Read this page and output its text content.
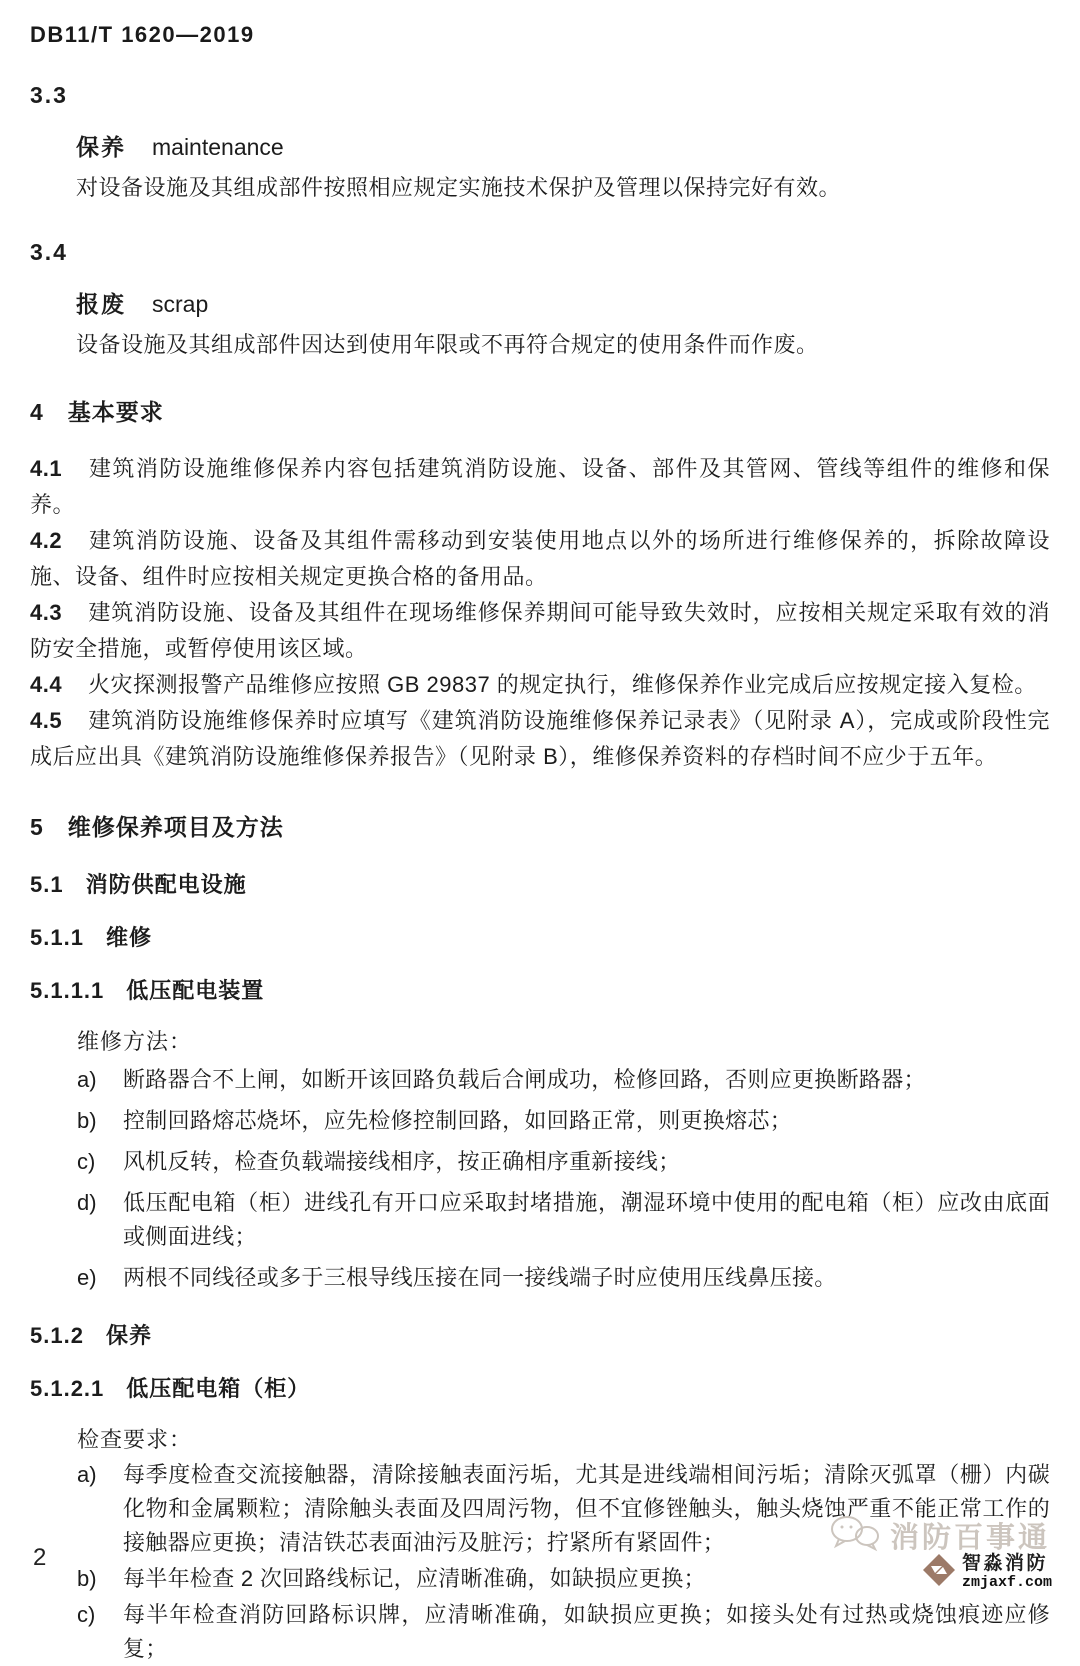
DB11/T 1620—2019
3.3
保养 maintenance

对设备设施及其组成部件按照相应规定实施技术保护及管理以保持完好有效。

3.4
报废 scrap

设备设施及其组成部件因达到使用年限或不再符合规定的使用条件而作废。

4 基本要求

4.1 建筑消防设施维修保养内容包括建筑消防设施、设备、部件及其管网、管线等组件的维修和保养。

4.2 建筑消防设施、设备及其组件需移动到安装使用地点以外的场所进行维修保养的，拆除故障设施、设备、组件时应按相关规定更换合格的备用品。

4.3 建筑消防设施、设备及其组件在现场维修保养期间可能导致失效时，应按相关规定采取有效的消防安全措施，或暂停使用该区域。

4.4 火灾探测报警产品维修应按照 GB 29837 的规定执行，维修保养作业完成后应按规定接入复检。

4.5 建筑消防设施维修保养时应填写《建筑消防设施维修保养记录表》（见附录 A），完成或阶段性完成后应出具《建筑消防设施维修保养报告》（见附录 B），维修保养资料的存档时间不应少于五年。

5 维修保养项目及方法
5.1 消防供配电设施
5.1.1 维修
5.1.1.1 低压配电装置

维修方法：

a)	断路器合不上闸，如断开该回路负载后合闸成功，检修回路，否则应更换断路器；
b)	控制回路熔芯烧坏，应先检修控制回路，如回路正常，则更换熔芯；
c)	风机反转，检查负载端接线相序，按正确相序重新接线；
d)	低压配电箱（柜）进线孔有开口应采取封堵措施，潮湿环境中使用的配电箱（柜）应改由底面或侧面进线；
e)	两根不同线径或多于三根导线压接在同一接线端子时应使用压线鼻压接。
5.1.2 保养
5.1.2.1 低压配电箱（柜）

检查要求：

a)	每季度检查交流接触器，清除接触表面污垢，尤其是进线端相间污垢；清除灭弧罩（栅）内碳化物和金属颗粒；清除触头表面及四周污物，但不宜修锉触头，触头烧蚀严重不能正常工作的接触器应更换；清洁铁芯表面油污及脏污；拧紧所有紧固件；
b)	每半年检查 2 次回路线标记，应清晰准确，如缺损应更换；
c)	每半年检查消防回路标识牌，应清晰准确，如缺损应更换；如接头处有过热或烧蚀痕迹应修复；
2
消防百事通
智淼消防
zmjaxf.com
